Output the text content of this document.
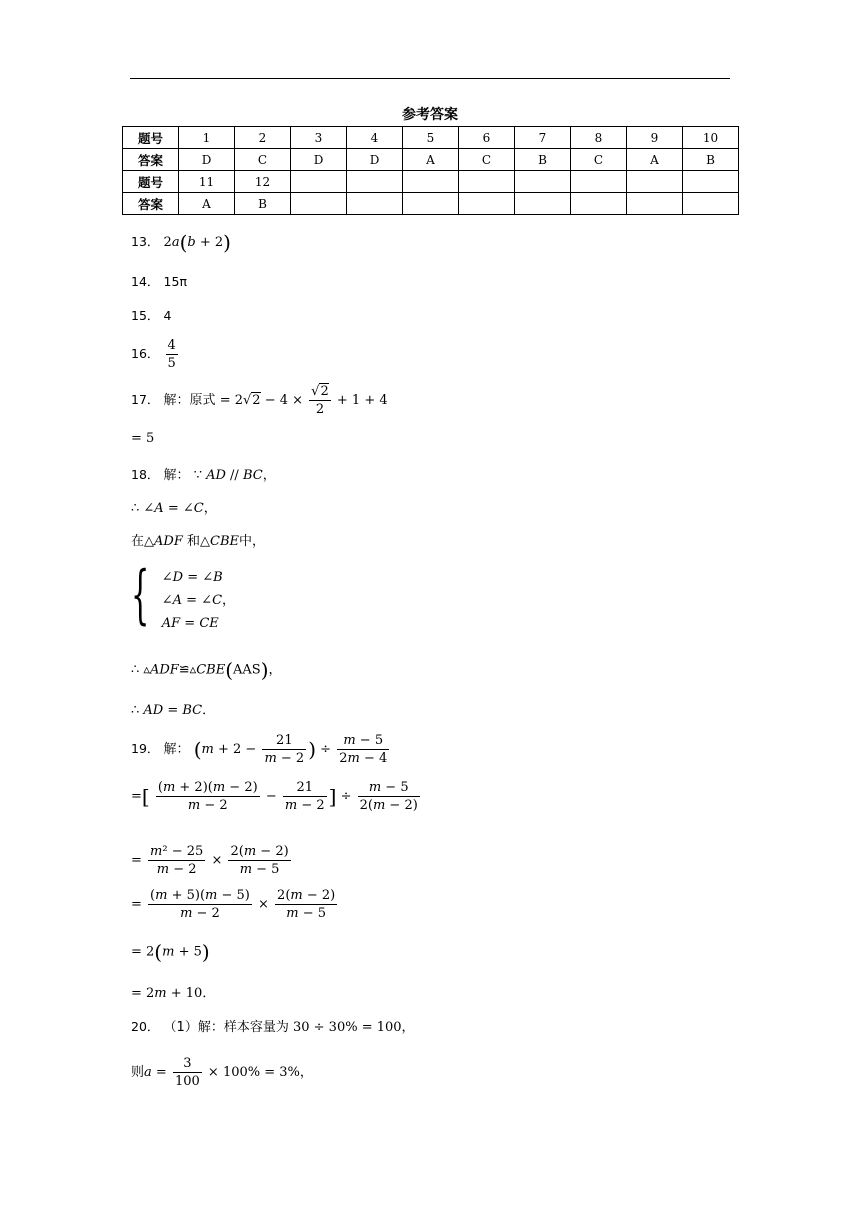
参考答案
题号	1	2	3	4	5	6	7	8	9	10
答案	D	C	D	D	A	C	B	C	A	B
题号	11	12								
答案	A	B								
13． 2a(b + 2)
14． 15π
15． 4
16． $\frac{4}{5}$
17． 解：原式 = $2√2 - 4 \times \frac{√2}{2} + 1 + 4$
= 5
18． 解： ∵ AD // BC，
∴ ∠A = ∠C，
在△ADF 和△CBE中，
{ ∠D = ∠B
∠A = ∠C，
AF = CE
∴ ▵ADF≌▵CBE(AAS)，
∴ AD = BC．
19． 解： ($m + 2 - \frac{21}{m - 2}$ ) ÷ $\frac{m - 5}{2m - 4}$
=[ $\frac{(m + 2)(m - 2)}{m - 2} - \frac{21}{m - 2}$ ] ÷ $\frac{m - 5}{2(m - 2)}$
= $\frac{\text{m² − 25}}{m - 2} \times \frac{2(m - 2)}{m - 5}$
= $\frac{(m + 5)(m - 5)}{m - 2} \times \frac{2(m - 2)}{m - 5}$
= 2(m + 5)
= 2m + 10．
20． （1）解：样本容量为 30 ÷ 30% = 100，
则$a = \frac{3}{100} \times 100\% = 3\%$，
